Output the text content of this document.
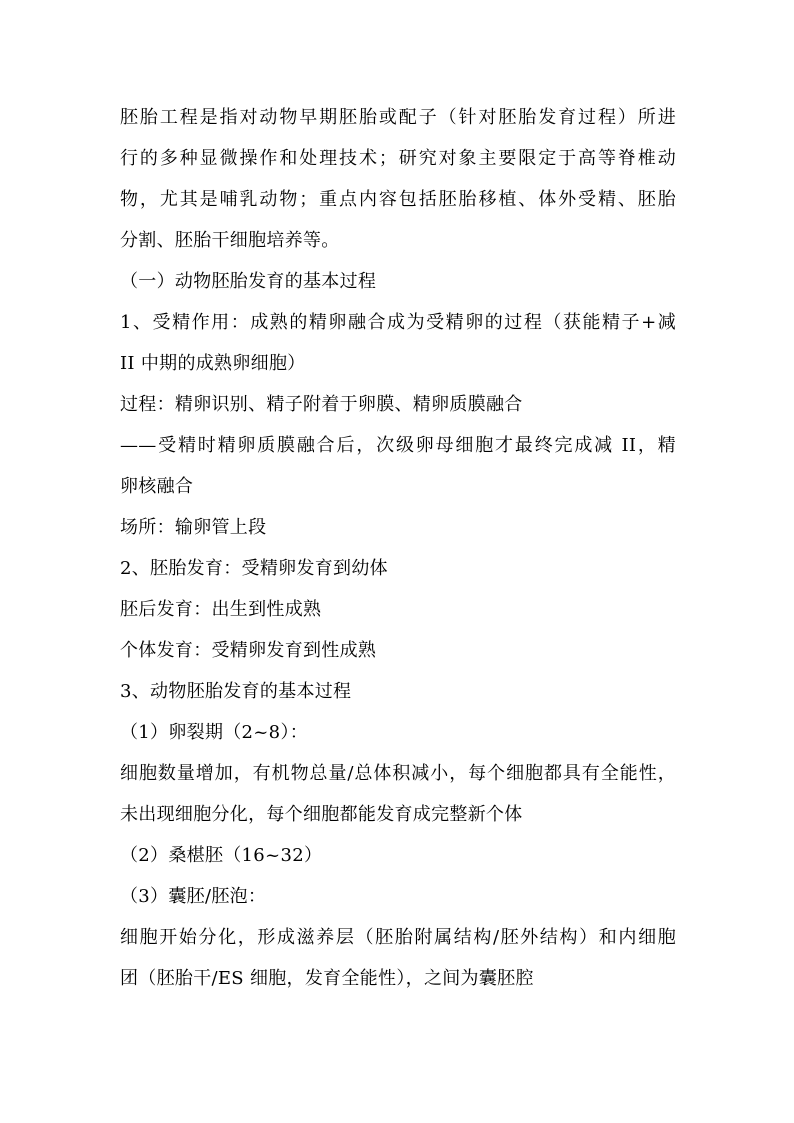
胚胎工程是指对动物早期胚胎或配子（针对胚胎发育过程）所进
行的多种显微操作和处理技术；研究对象主要限定于高等脊椎动
物，尤其是哺乳动物；重点内容包括胚胎移植、体外受精、胚胎
分割、胚胎干细胞培养等。
（一）动物胚胎发育的基本过程
1、受精作用：成熟的精卵融合成为受精卵的过程（获能精子+减
II 中期的成熟卵细胞）
过程：精卵识别、精子附着于卵膜、精卵质膜融合
——受精时精卵质膜融合后，次级卵母细胞才最终完成减 II，精
卵核融合
场所：输卵管上段
2、胚胎发育：受精卵发育到幼体
胚后发育：出生到性成熟
个体发育：受精卵发育到性成熟
3、动物胚胎发育的基本过程
（1）卵裂期（2~8）：
细胞数量增加，有机物总量/总体积减小，每个细胞都具有全能性，
未出现细胞分化，每个细胞都能发育成完整新个体
（2）桑椹胚（16~32）
（3）囊胚/胚泡：
细胞开始分化，形成滋养层（胚胎附属结构/胚外结构）和内细胞
团（胚胎干/ES 细胞，发育全能性），之间为囊胚腔
